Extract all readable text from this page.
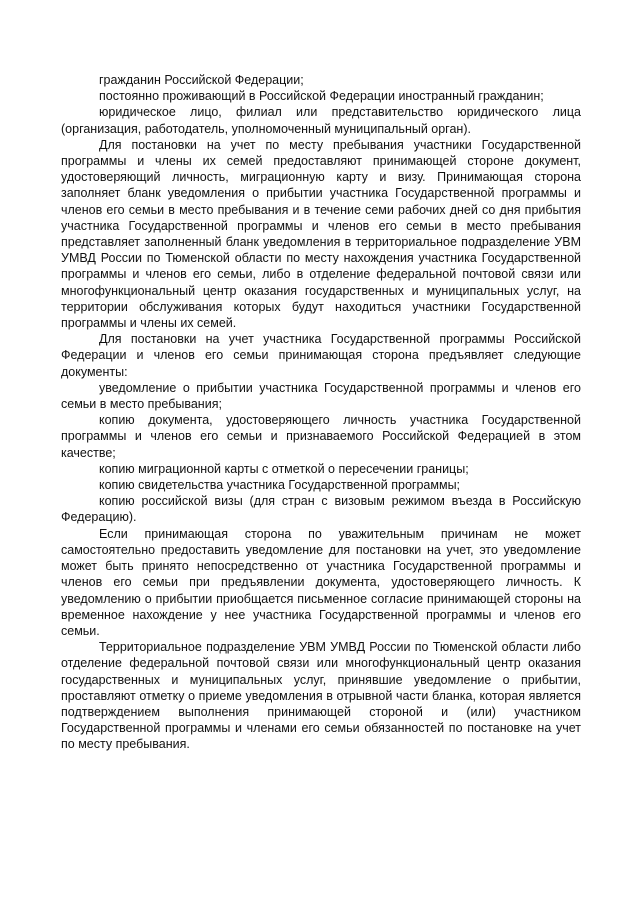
гражданин Российской Федерации;

постоянно проживающий в Российской Федерации иностранный гражданин;

юридическое лицо, филиал или представительство юридического лица (организация, работодатель, уполномоченный муниципальный орган).

Для постановки на учет по месту пребывания участники Государственной программы и члены их семей предоставляют принимающей стороне документ, удостоверяющий личность, миграционную карту и визу. Принимающая сторона заполняет бланк уведомления о прибытии участника Государственной программы и членов его семьи в место пребывания и в течение семи рабочих дней со дня прибытия участника Государственной программы и членов его семьи в место пребывания представляет заполненный бланк уведомления в территориальное подразделение УВМ УМВД России по Тюменской области по месту нахождения участника Государственной программы и членов его семьи, либо в отделение федеральной почтовой связи или многофункциональный центр оказания государственных и муниципальных услуг, на территории обслуживания которых будут находиться участники Государственной программы и члены их семей.

Для постановки на учет участника Государственной программы Российской Федерации и членов его семьи принимающая сторона предъявляет следующие документы:

уведомление о прибытии участника Государственной программы и членов его семьи в место пребывания;

копию документа, удостоверяющего личность участника Государственной программы и членов его семьи и признаваемого Российской Федерацией в этом качестве;

копию миграционной карты с отметкой о пересечении границы;

копию свидетельства участника Государственной программы;

копию российской визы (для стран с визовым режимом въезда в Российскую Федерацию).

Если принимающая сторона по уважительным причинам не может самостоятельно предоставить уведомление для постановки на учет, это уведомление может быть принято непосредственно от участника Государственной программы и членов его семьи при предъявлении документа, удостоверяющего личность. К уведомлению о прибытии приобщается письменное согласие принимающей стороны на временное нахождение у нее участника Государственной программы и членов его семьи.

Территориальное подразделение УВМ УМВД России по Тюменской области либо отделение федеральной почтовой связи или многофункциональный центр оказания государственных и муниципальных услуг, принявшие уведомление о прибытии, проставляют отметку о приеме уведомления в отрывной части бланка, которая является подтверждением выполнения принимающей стороной и (или) участником Государственной программы и членами его семьи обязанностей по постановке на учет по месту пребывания.
